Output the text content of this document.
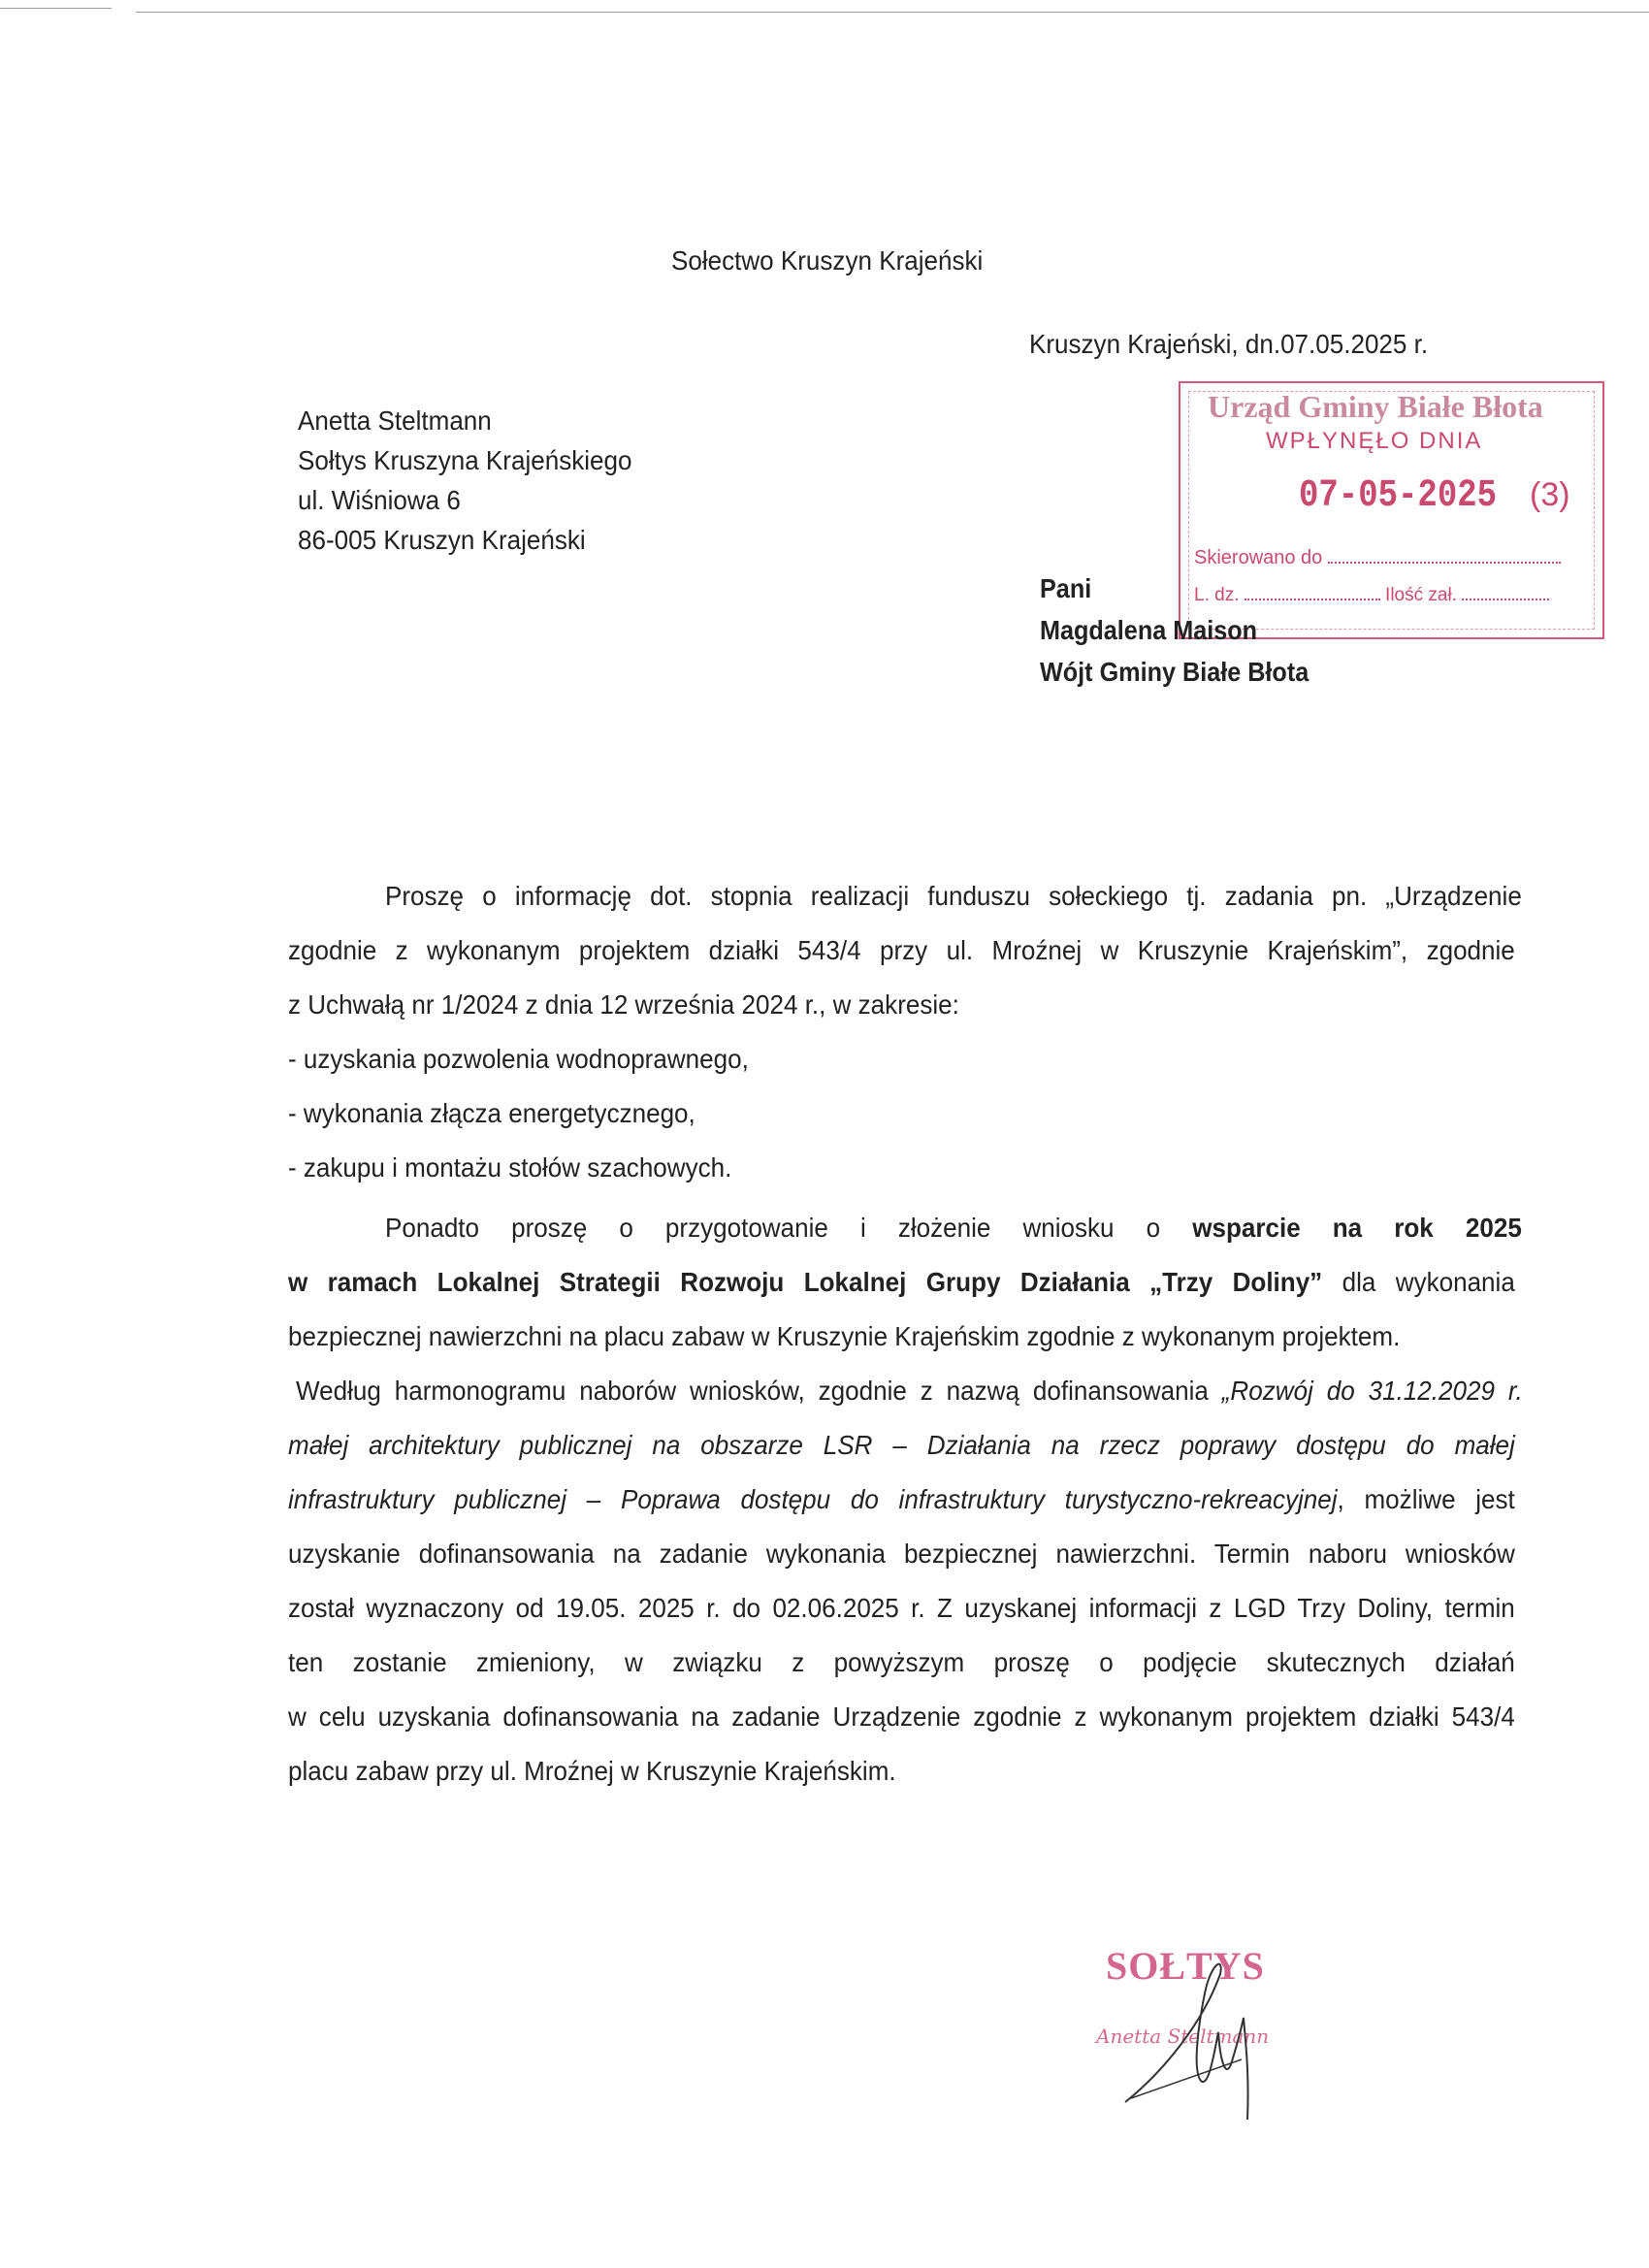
Sołectwo Kruszyn Krajeński
Kruszyn Krajeński, dn.07.05.2025 r.
Anetta Steltmann
Sołtys Kruszyna Krajeńskiego
ul. Wiśniowa 6
86-005 Kruszyn Krajeński
Urząd Gminy Białe Błota
WPŁYNĘŁO DNIA
07-05-2025 (3)
Skierowano do
L. dz.	Ilość zał.
Pani
Magdalena Maison
Wójt Gminy Białe Błota
Proszę o informację dot. stopnia realizacji funduszu sołeckiego tj. zadania pn. „Urządzenie
zgodnie z wykonanym projektem działki 543/4 przy ul. Mroźnej w Kruszynie Krajeńskim”, zgodnie
z Uchwałą nr 1/2024 z dnia 12 września 2024 r., w zakresie:
- uzyskania pozwolenia wodnoprawnego,
- wykonania złącza energetycznego,
- zakupu i montażu stołów szachowych.
Ponadto proszę o przygotowanie i złożenie wniosku o wsparcie na rok 2025
w ramach Lokalnej Strategii Rozwoju Lokalnej Grupy Działania „Trzy Doliny” dla wykonania
bezpiecznej nawierzchni na placu zabaw w Kruszynie Krajeńskim zgodnie z wykonanym projektem.
Według harmonogramu naborów wniosków, zgodnie z nazwą dofinansowania „Rozwój do 31.12.2029 r.
małej architektury publicznej na obszarze LSR – Działania na rzecz poprawy dostępu do małej
infrastruktury publicznej – Poprawa dostępu do infrastruktury turystyczno-rekreacyjnej, możliwe jest
uzyskanie dofinansowania na zadanie wykonania bezpiecznej nawierzchni. Termin naboru wniosków
został wyznaczony od 19.05. 2025 r. do 02.06.2025 r. Z uzyskanej informacji z LGD Trzy Doliny, termin
ten zostanie zmieniony, w związku z powyższym proszę o podjęcie skutecznych działań
w celu uzyskania dofinansowania na zadanie Urządzenie zgodnie z wykonanym projektem działki 543/4
placu zabaw przy ul. Mroźnej w Kruszynie Krajeńskim.
SOŁTYS
Anetta Steltmann
